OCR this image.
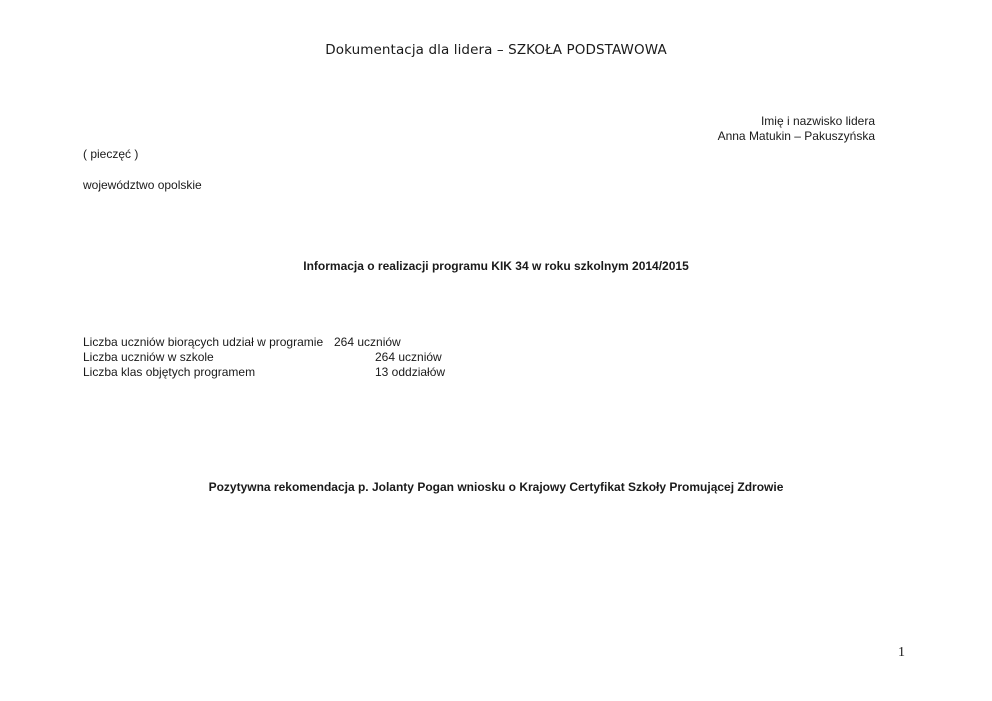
Dokumentacja dla lidera – SZKOŁA PODSTAWOWA
Imię i nazwisko lidera
Anna Matukin – Pakuszyńska
( pieczęć )
województwo opolskie
Informacja o realizacji programu KIK 34 w roku szkolnym 2014/2015
Liczba uczniów biorących udział w programie 264 uczniów
Liczba uczniów w szkole	264 uczniów
Liczba klas objętych programem	13 oddziałów
Pozytywna rekomendacja p. Jolanty Pogan wniosku o Krajowy Certyfikat Szkoły Promującej Zdrowie
1
